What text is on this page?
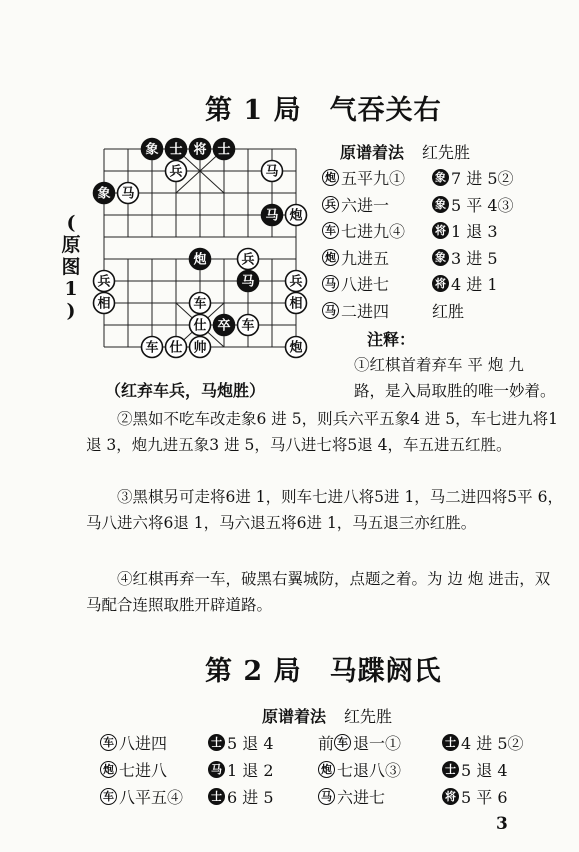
第 1 局　气吞关右
(
原
图
1
)
象 士 将 士
兵	马
象 马
马 炮
炮	兵
兵	马	兵
相	车	相
仕 卒 车
车 仕 帅	炮
（红弃车兵，马炮胜）
原谱着法 红先胜
注释：
①红棋首着弃车 平 炮 九
路，是入局取胜的唯一妙着。
②黑如不吃车改走象6 进 5，则兵六平五象4 进 5，车七进九将1退 3，炮九进五象3 进 5，马八进七将5退 4，车五进五红胜。
③黑棋另可走将6进 1，则车七进八将5进 1，马二进四将5平 6，马八进六将6退 1，马六退五将6进 1，马五退三亦红胜。
④红棋再弃一车，破黑右翼城防，点题之着。为 边 炮 进击，双马配合连照取胜开辟道路。
第 2 局　马蹀阏氏
原谱着法 红先胜
3
炮 五平九①	象 7 进 5②
兵 六进一	象 5 平 4③
车 七进九④	将 1 退 3
炮 九进五	象 3 进 5
马 八进七	将 4 进 1
马 二进四	红胜
车 八进四	士 5 退 4	前 车 退一①	士 4 进 5②
炮 七进八	马 1 退 2	炮 七退八③	士 5 退 4
车 八平五④	士 6 进 5	马 六进七	将 5 平 6
